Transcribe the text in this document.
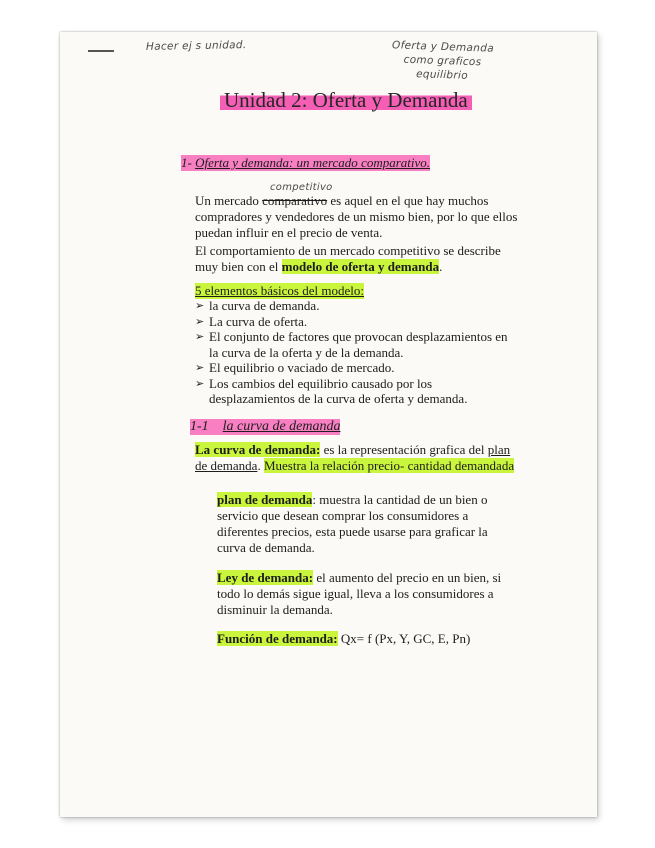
Hacer ej s unidad.	Oferta y Demanda
como graficos
equilibrio
Unidad 2: Oferta y Demanda
1- Oferta y demanda: un mercado comparativo.
competitivo
Un mercado comparativo es aquel en el que hay muchos compradores y vendedores de un mismo bien, por lo que ellos puedan influir en el precio de venta.
El comportamiento de un mercado competitivo se describe muy bien con el modelo de oferta y demanda.
5 elementos básicos del modelo:
➢ la curva de demanda.
➢ La curva de oferta.
➢ El conjunto de factores que provocan desplazamientos en la curva de la oferta y de la demanda.
➢ El equilibrio o vaciado de mercado.
➢ Los cambios del equilibrio causado por los desplazamientos de la curva de oferta y demanda.
1-1 la curva de demanda
La curva de demanda: es la representación grafica del plan de demanda. Muestra la relación precio- cantidad demandada
plan de demanda: muestra la cantidad de un bien o servicio que desean comprar los consumidores a diferentes precios, esta puede usarse para graficar la curva de demanda.
Ley de demanda: el aumento del precio en un bien, si todo lo demás sigue igual, lleva a los consumidores a disminuir la demanda.
Función de demanda: Qx= f (Px, Y, GC, E, Pn)
